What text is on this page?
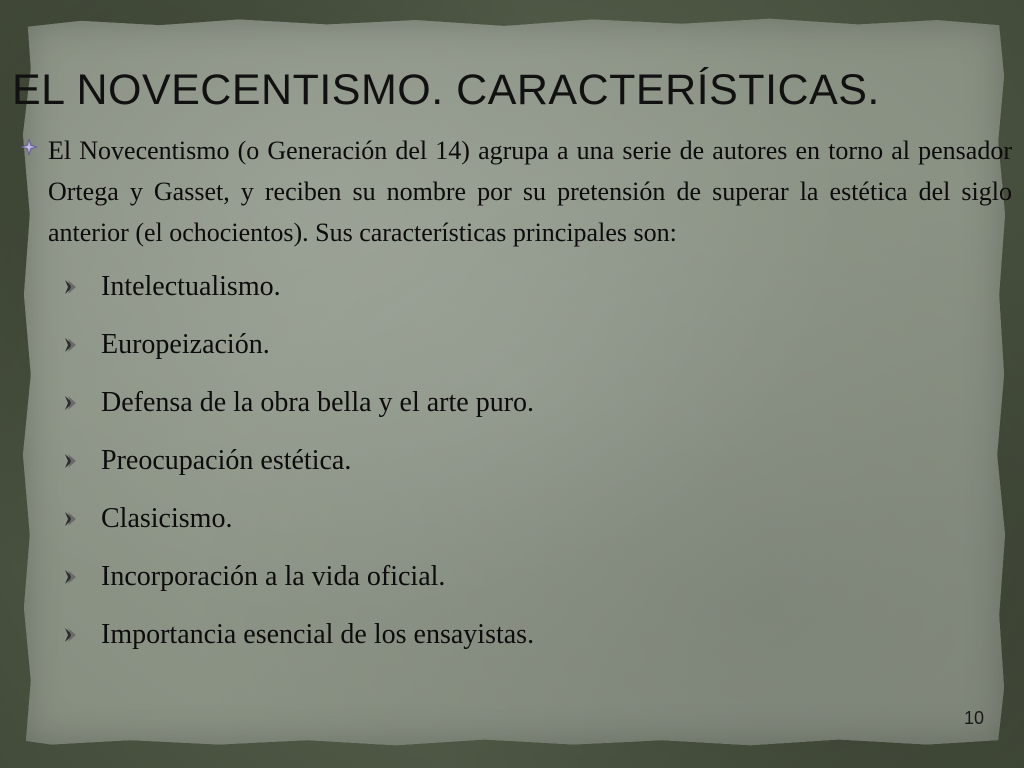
EL NOVECENTISMO. CARACTERÍSTICAS.

El Novecentismo (o Generación del 14) agrupa a una serie de autores en torno al pensador Ortega y Gasset, y reciben su nombre por su pretensión de superar la estética del siglo anterior (el ochocientos). Sus características principales son:

Intelectualismo.
Europeización.
Defensa de la obra bella y el arte puro.
Preocupación estética.
Clasicismo.
Incorporación a la vida oficial.
Importancia esencial de los ensayistas.
10
